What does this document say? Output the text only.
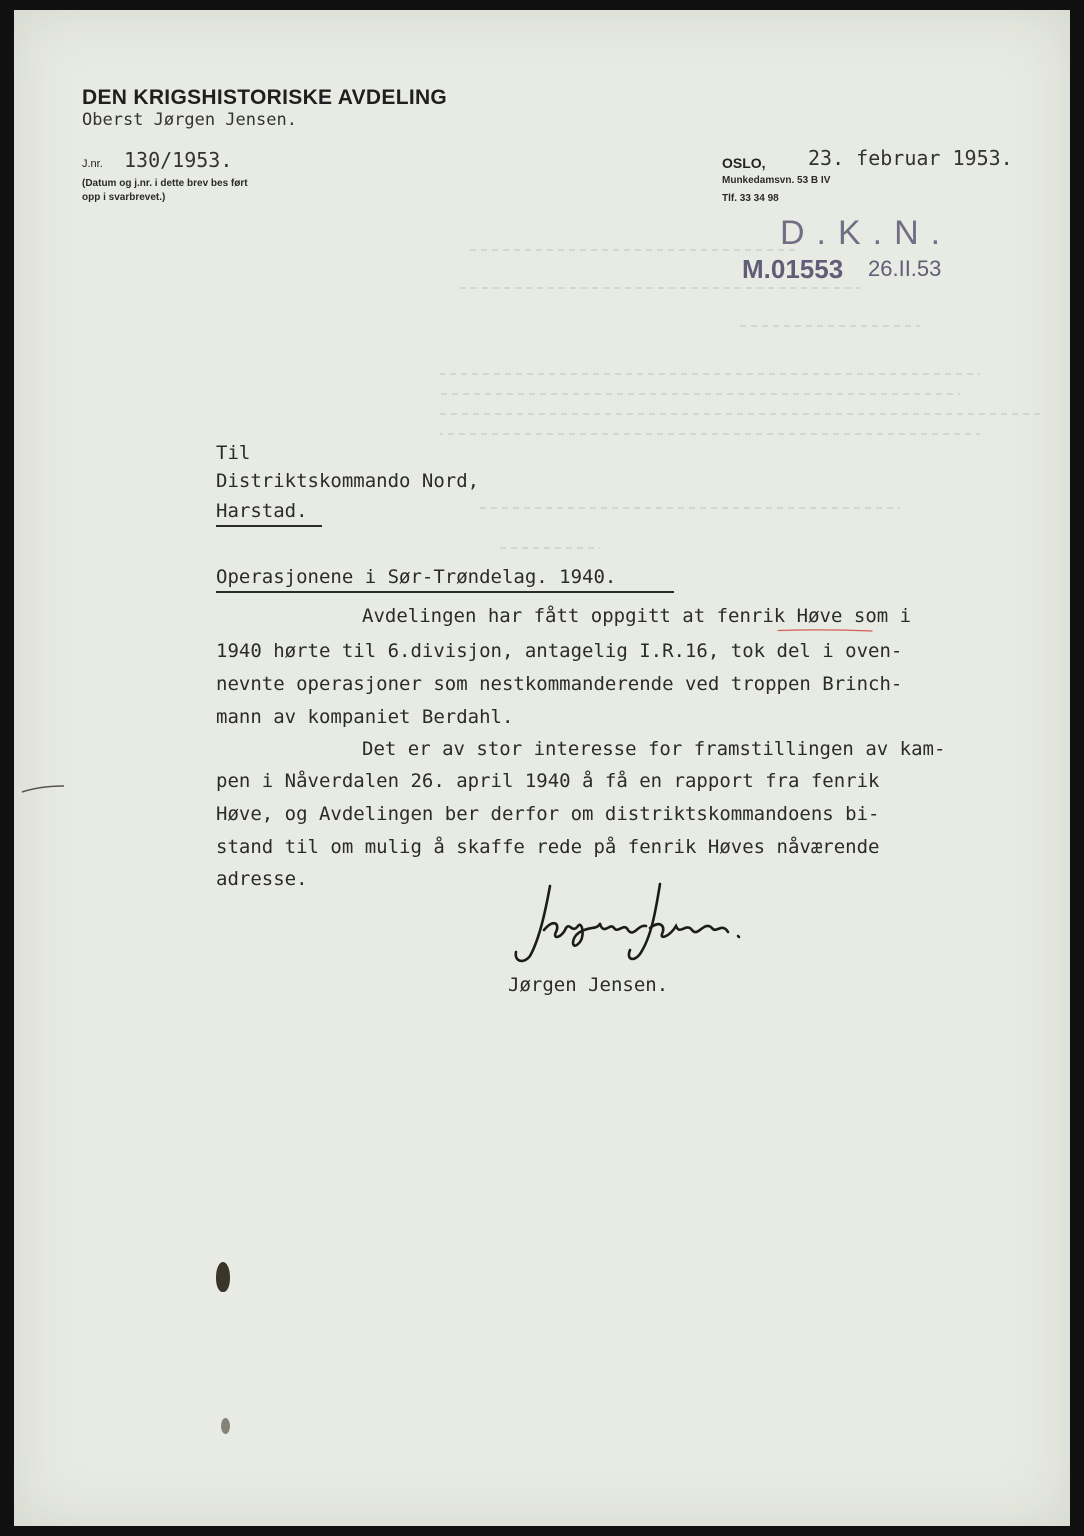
DEN KRIGSHISTORISKE AVDELING
Oberst Jørgen Jensen.
J.nr. 130/1953.
(Datum og j.nr. i dette brev bes ført
opp i svarbrevet.)
OSLO, 23. februar 1953.
Munkedamsvn. 53 B IV
Tlf. 33 34 98
D.K.N.
M.01553 26.II.53
Til
Distriktskommando Nord,
Harstad.
Operasjonene i Sør-Trøndelag. 1940.
Avdelingen har fått oppgitt at fenrik Høve som i
1940 hørte til 6.divisjon, antagelig I.R.16, tok del i oven-
nevnte operasjoner som nestkommanderende ved troppen Brinch-
mann av kompaniet Berdahl.
Det er av stor interesse for framstillingen av kam-
pen i Nåverdalen 26. april 1940 å få en rapport fra fenrik
Høve, og Avdelingen ber derfor om distriktskommandoens bi-
stand til om mulig å skaffe rede på fenrik Høves nåværende
adresse.
Jørgen Jensen.
